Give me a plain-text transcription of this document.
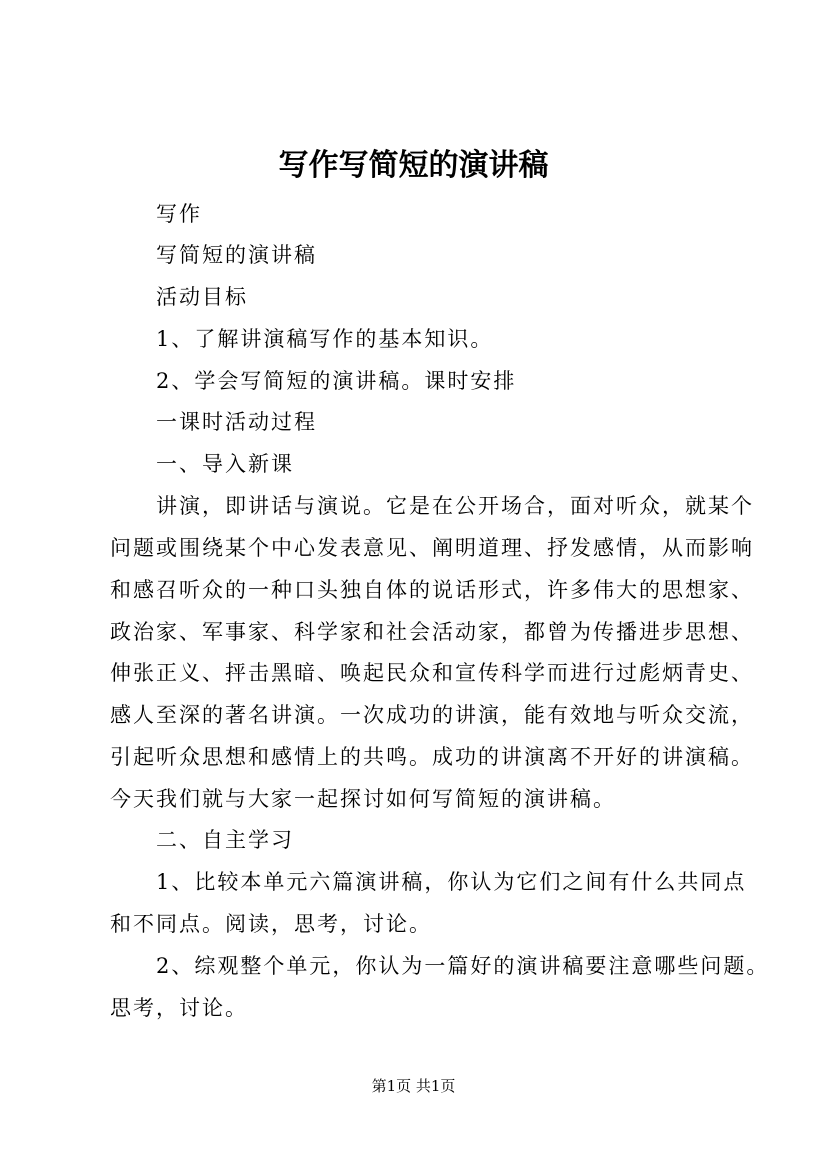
写作写简短的演讲稿
写作
写简短的演讲稿
活动目标
1、了解讲演稿写作的基本知识。
2、学会写简短的演讲稿。课时安排
一课时活动过程
一、导入新课
讲演，即讲话与演说。它是在公开场合，面对听众，就某个
问题或围绕某个中心发表意见、阐明道理、抒发感情，从而影响
和感召听众的一种口头独自体的说话形式，许多伟大的思想家、
政治家、军事家、科学家和社会活动家，都曾为传播进步思想、
伸张正义、抨击黑暗、唤起民众和宣传科学而进行过彪炳青史、
感人至深的著名讲演。一次成功的讲演，能有效地与听众交流，
引起听众思想和感情上的共鸣。成功的讲演离不开好的讲演稿。
今天我们就与大家一起探讨如何写简短的演讲稿。
二、自主学习
1、比较本单元六篇演讲稿，你认为它们之间有什么共同点
和不同点。阅读，思考，讨论。
2、综观整个单元，你认为一篇好的演讲稿要注意哪些问题。
思考，讨论。
第1页 共1页
